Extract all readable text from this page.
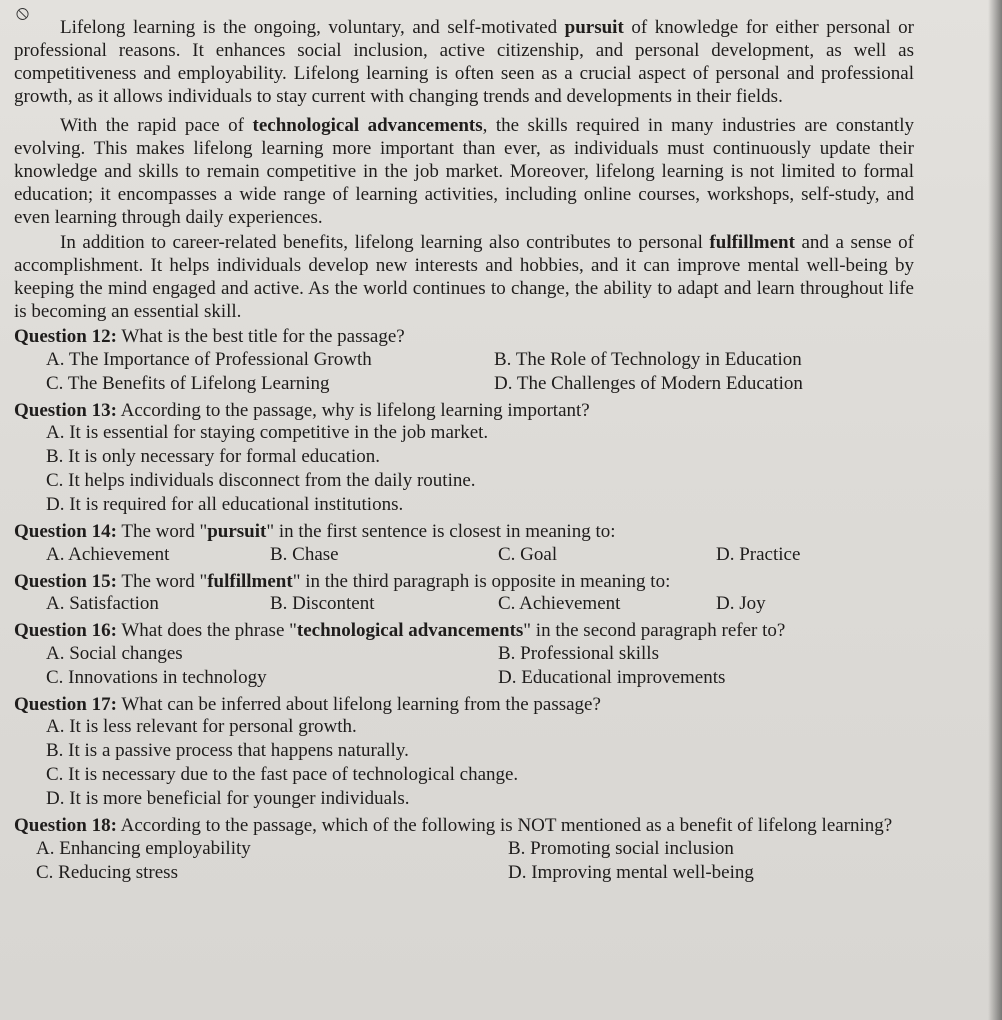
⦸

Lifelong learning is the ongoing, voluntary, and self-motivated pursuit of knowledge for either personal or professional reasons. It enhances social inclusion, active citizenship, and personal development, as well as competitiveness and employability. Lifelong learning is often seen as a crucial aspect of personal and professional growth, as it allows individuals to stay current with changing trends and developments in their fields.

With the rapid pace of technological advancements, the skills required in many industries are constantly evolving. This makes lifelong learning more important than ever, as individuals must continuously update their knowledge and skills to remain competitive in the job market. Moreover, lifelong learning is not limited to formal education; it encompasses a wide range of learning activities, including online courses, workshops, self-study, and even learning through daily experiences.

In addition to career-related benefits, lifelong learning also contributes to personal fulfillment and a sense of accomplishment. It helps individuals develop new interests and hobbies, and it can improve mental well-being by keeping the mind engaged and active. As the world continues to change, the ability to adapt and learn throughout life is becoming an essential skill.

Question 12: What is the best title for the passage?
A. The Importance of Professional Growth	B. The Role of Technology in Education
C. The Benefits of Lifelong Learning	D. The Challenges of Modern Education
Question 13: According to the passage, why is lifelong learning important?
A. It is essential for staying competitive in the job market.
B. It is only necessary for formal education.
C. It helps individuals disconnect from the daily routine.
D. It is required for all educational institutions.
Question 14: The word "pursuit" in the first sentence is closest in meaning to:
A. Achievement	B. Chase	C. Goal	D. Practice
Question 15: The word "fulfillment" in the third paragraph is opposite in meaning to:
A. Satisfaction	B. Discontent	C. Achievement	D. Joy
Question 16: What does the phrase "technological advancements" in the second paragraph refer to?
A. Social changes	B. Professional skills
C. Innovations in technology	D. Educational improvements
Question 17: What can be inferred about lifelong learning from the passage?
A. It is less relevant for personal growth.
B. It is a passive process that happens naturally.
C. It is necessary due to the fast pace of technological change.
D. It is more beneficial for younger individuals.
Question 18: According to the passage, which of the following is NOT mentioned as a benefit of lifelong learning?
A. Enhancing employability	B. Promoting social inclusion
C. Reducing stress	D. Improving mental well-being
